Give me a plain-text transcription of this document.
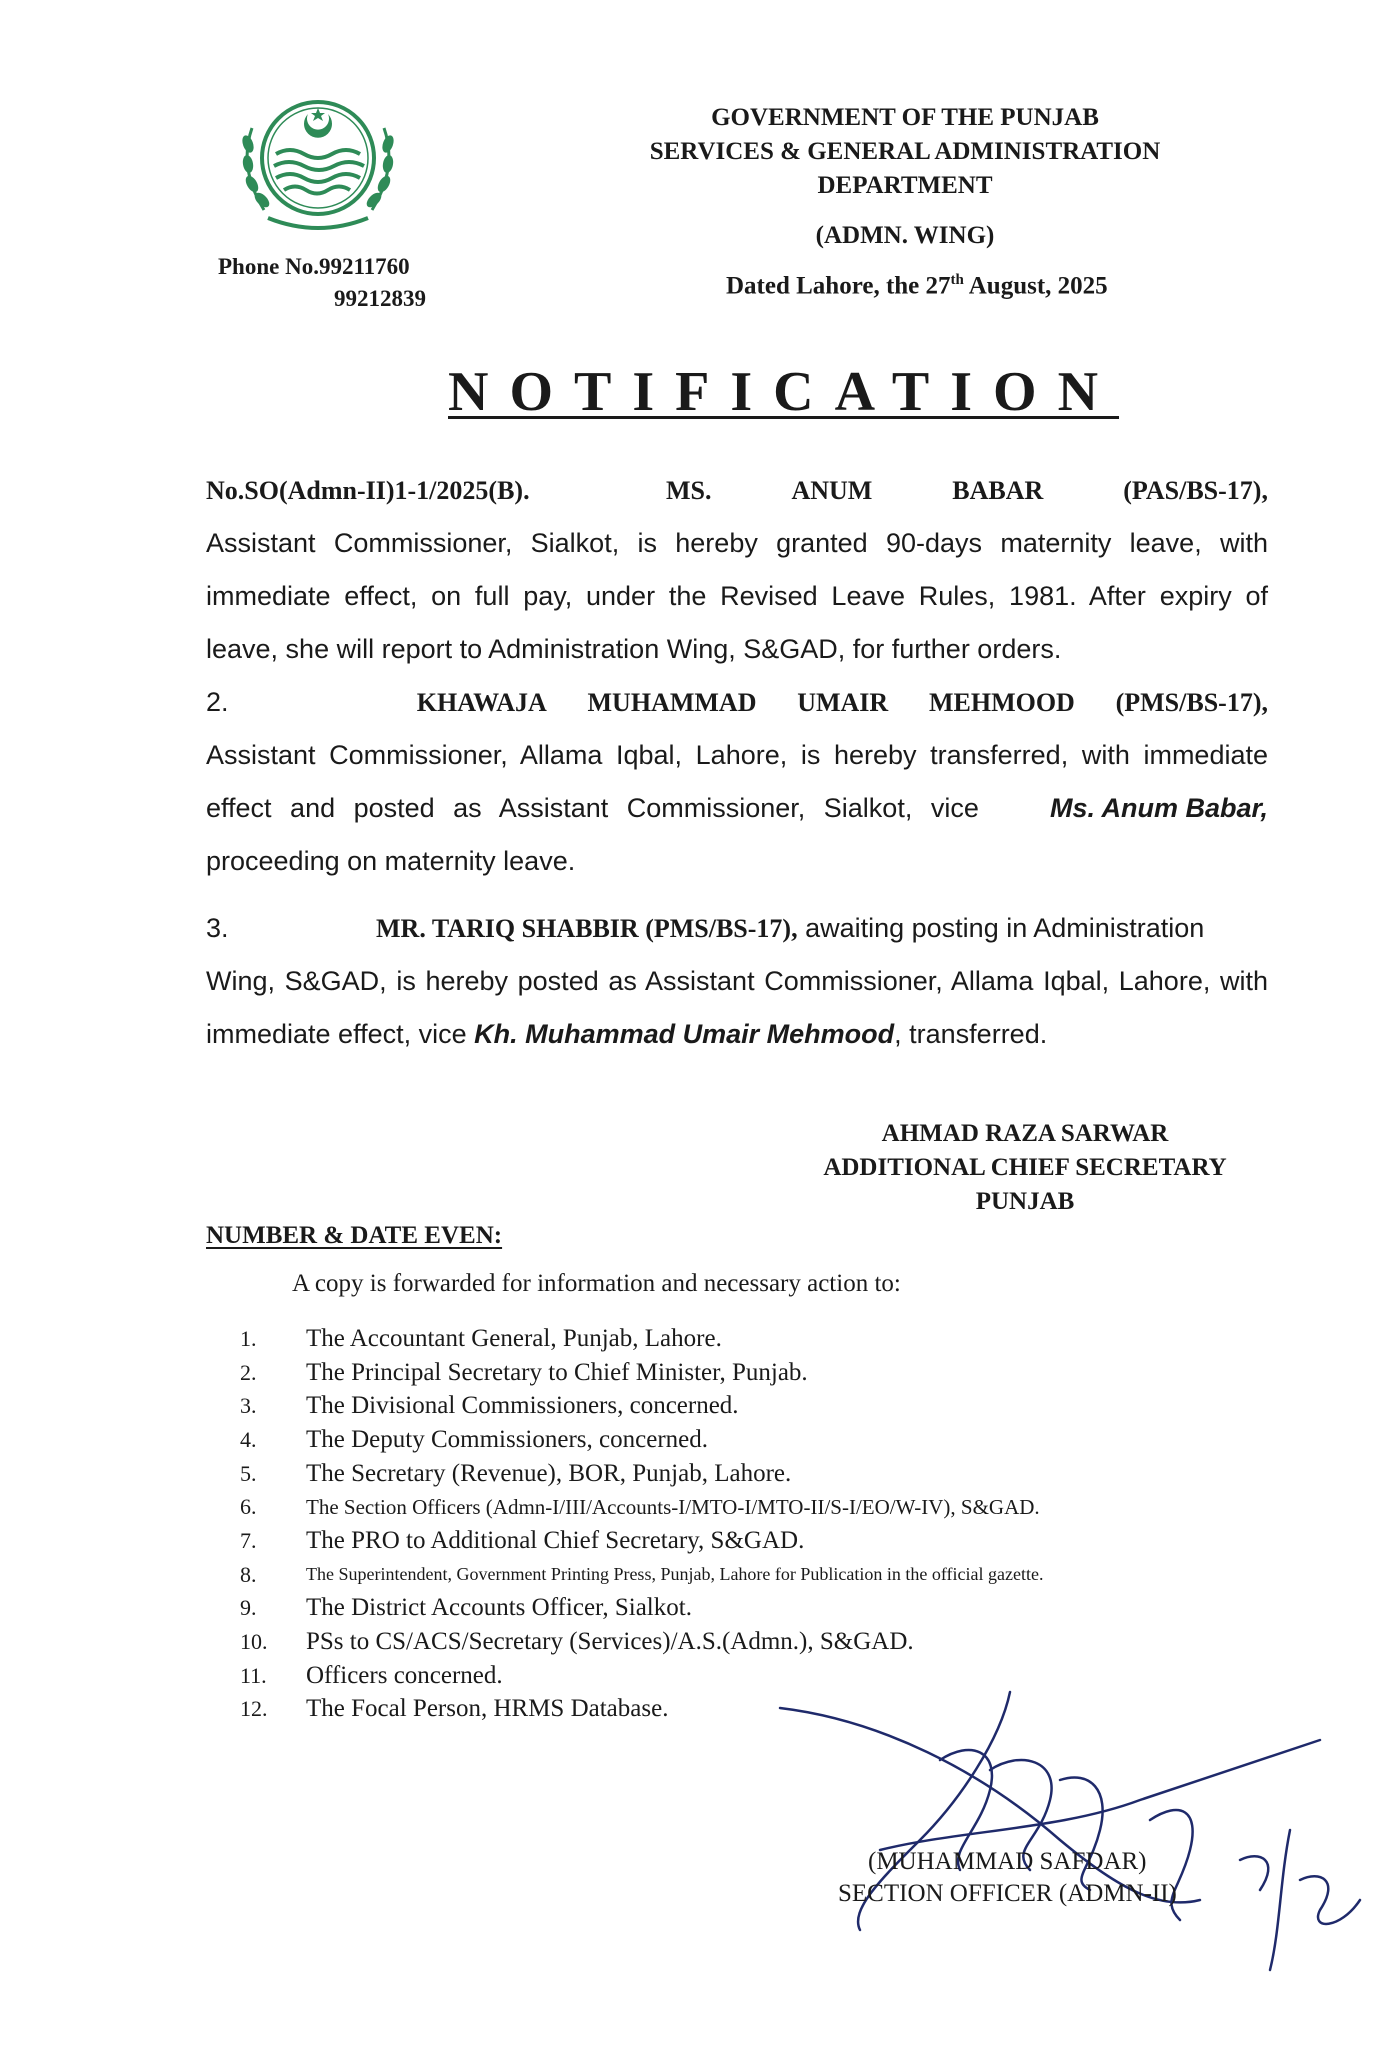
Phone No.99211760
99212839
GOVERNMENT OF THE PUNJAB
SERVICES & GENERAL ADMINISTRATION
DEPARTMENT
(ADMN. WING)
Dated Lahore, the 27th August, 2025
NOTIFICATION
No.SO(Admn-II)1-1/2025(B).	MS.	ANUM	BABAR	(PAS/BS-17),
Assistant Commissioner, Sialkot, is hereby granted 90-days maternity leave, with
immediate effect, on full pay, under the Revised Leave Rules, 1981. After expiry of
leave, she will report to Administration Wing, S&GAD, for further orders.
2.	KHAWAJA MUHAMMAD UMAIR MEHMOOD (PMS/BS-17),
Assistant Commissioner, Allama Iqbal, Lahore, is hereby transferred, with immediate
effect and posted as Assistant Commissioner, Sialkot, vice	Ms. Anum Babar,
proceeding on maternity leave.
3.	MR. TARIQ SHABBIR (PMS/BS-17), awaiting posting in Administration
Wing, S&GAD, is hereby posted as Assistant Commissioner, Allama Iqbal, Lahore, with
immediate effect, vice Kh. Muhammad Umair Mehmood, transferred.
AHMAD RAZA SARWAR
ADDITIONAL CHIEF SECRETARY
PUNJAB
NUMBER & DATE EVEN:
A copy is forwarded for information and necessary action to:
1.	The Accountant General, Punjab, Lahore.
2.	The Principal Secretary to Chief Minister, Punjab.
3.	The Divisional Commissioners, concerned.
4.	The Deputy Commissioners, concerned.
5.	The Secretary (Revenue), BOR, Punjab, Lahore.
6.	The Section Officers (Admn-I/III/Accounts-I/MTO-I/MTO-II/S-I/EO/W-IV), S&GAD.
7.	The PRO to Additional Chief Secretary, S&GAD.
8.	The Superintendent, Government Printing Press, Punjab, Lahore for Publication in the official gazette.
9.	The District Accounts Officer, Sialkot.
10.	PSs to CS/ACS/Secretary (Services)/A.S.(Admn.), S&GAD.
11.	Officers concerned.
12.	The Focal Person, HRMS Database.
(MUHAMMAD SAFDAR)
SECTION OFFICER (ADMN-II)
